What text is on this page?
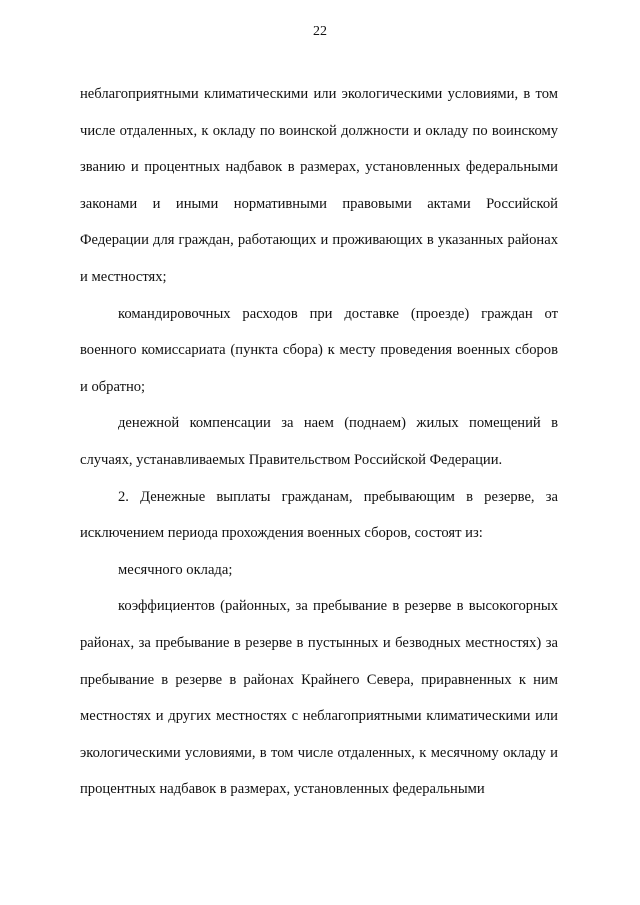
22

неблагоприятными климатическими или экологическими условиями, в том числе отдаленных, к окладу по воинской должности и окладу по воинскому званию и процентных надбавок в размерах, установленных федеральными законами и иными нормативными правовыми актами Российской Федерации для граждан, работающих и проживающих в указанных районах и местностях;

командировочных расходов при доставке (проезде) граждан от военного комиссариата (пункта сбора) к месту проведения военных сборов и обратно;

денежной компенсации за наем (поднаем) жилых помещений в случаях, устанавливаемых Правительством Российской Федерации.

2. Денежные выплаты гражданам, пребывающим в резерве, за исключением периода прохождения военных сборов, состоят из:

месячного оклада;

коэффициентов (районных, за пребывание в резерве в высокогорных районах, за пребывание в резерве в пустынных и безводных местностях) за пребывание в резерве в районах Крайнего Севера, приравненных к ним местностях и других местностях с неблагоприятными климатическими или экологическими условиями, в том числе отдаленных, к месячному окладу и процентных надбавок в размерах, установленных федеральными
